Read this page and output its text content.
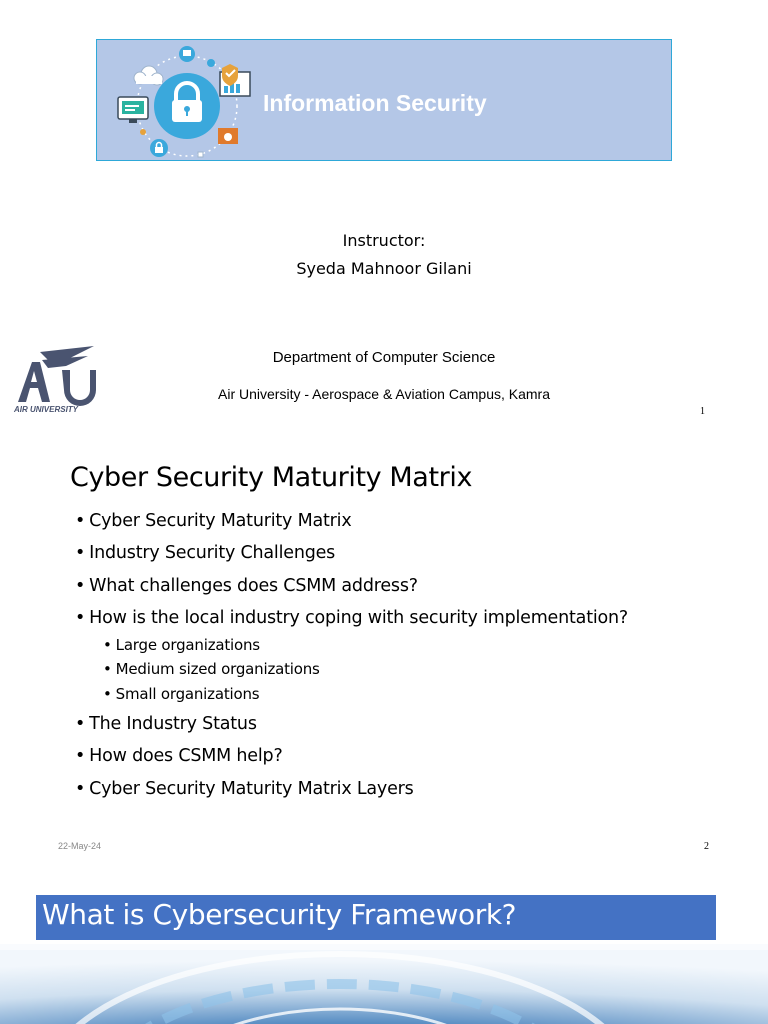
Information Security
Instructor:
Syeda Mahnoor Gilani
AIR UNIVERSITY
Department of Computer Science
Air University - Aerospace & Aviation Campus, Kamra
1
Cyber Security Maturity Matrix
• Cyber Security Maturity Matrix
• Industry Security Challenges
• What challenges does CSMM address?
• How is the local industry coping with security implementation?
• Large organizations
• Medium sized organizations
• Small organizations
• The Industry Status
• How does CSMM help?
• Cyber Security Maturity Matrix Layers
22-May-24	2
What is Cybersecurity Framework?
